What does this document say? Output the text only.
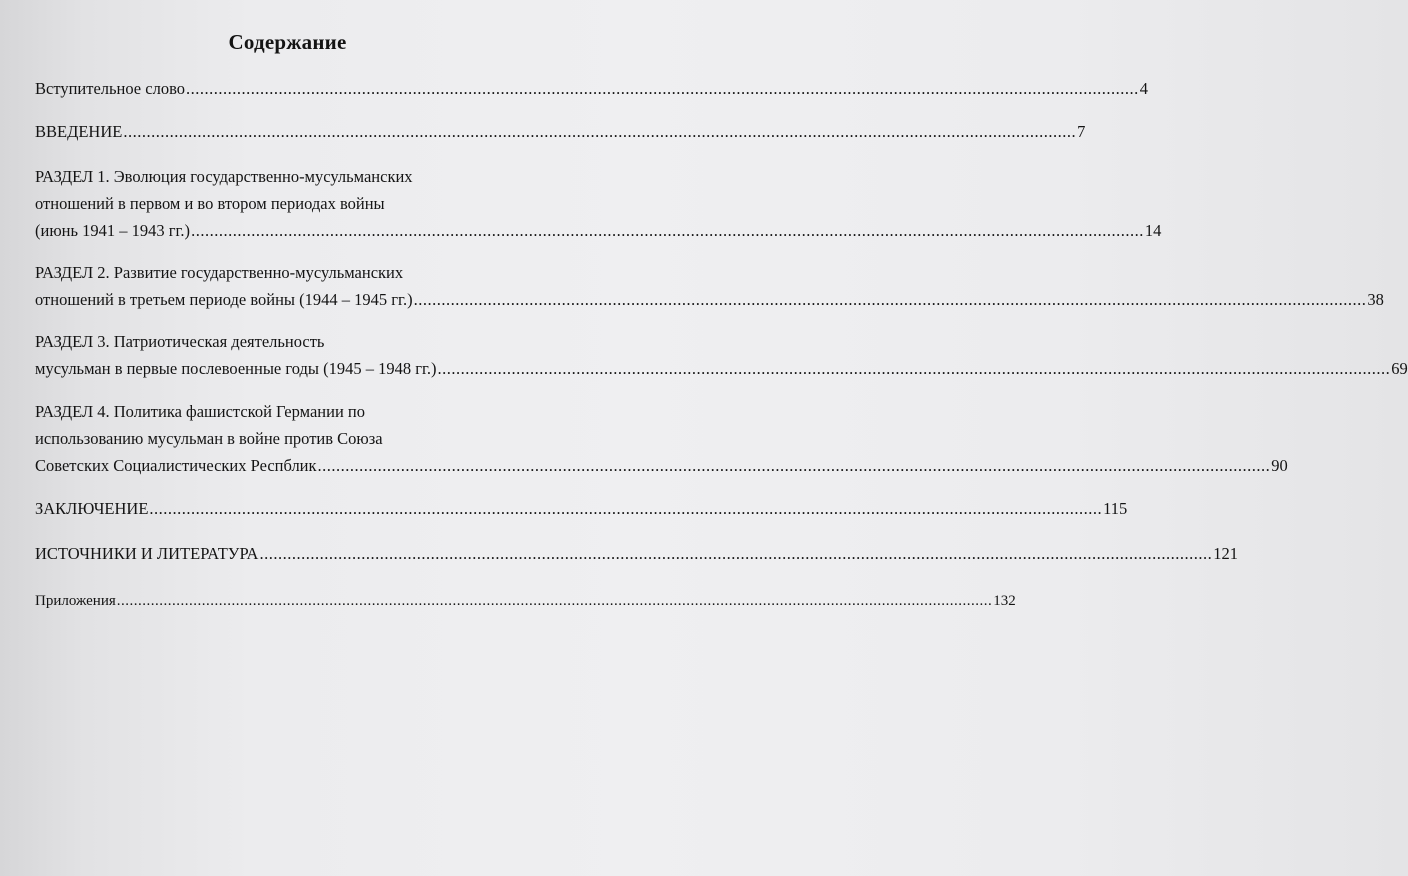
Содержание
Вступительное слово .............................................................................................................................................................................................................. 4
ВВЕДЕНИЕ .............................................................................................................................................................................................................. 7
РАЗДЕЛ 1. Эволюция государственно-мусульманских
отношений в первом и во втором периодах войны
(июнь 1941 – 1943 гг.) .............................................................................................................................................................................................................. 14
РАЗДЕЛ 2. Развитие государственно-мусульманских
отношений в третьем периоде войны (1944 – 1945 гг.) .............................................................................................................................................................................................................. 38
РАЗДЕЛ 3. Патриотическая деятельность
мусульман в первые послевоенные годы (1945 – 1948 гг.) .............................................................................................................................................................................................................. 69
РАЗДЕЛ 4. Политика фашистской Германии по
использованию мусульман в войне против Союза
Советских Социалистических Респблик .............................................................................................................................................................................................................. 90
ЗАКЛЮЧЕНИЕ .............................................................................................................................................................................................................. 115
ИСТОЧНИКИ И ЛИТЕРАТУРА .............................................................................................................................................................................................................. 121
Приложения .............................................................................................................................................................................................................. 132
